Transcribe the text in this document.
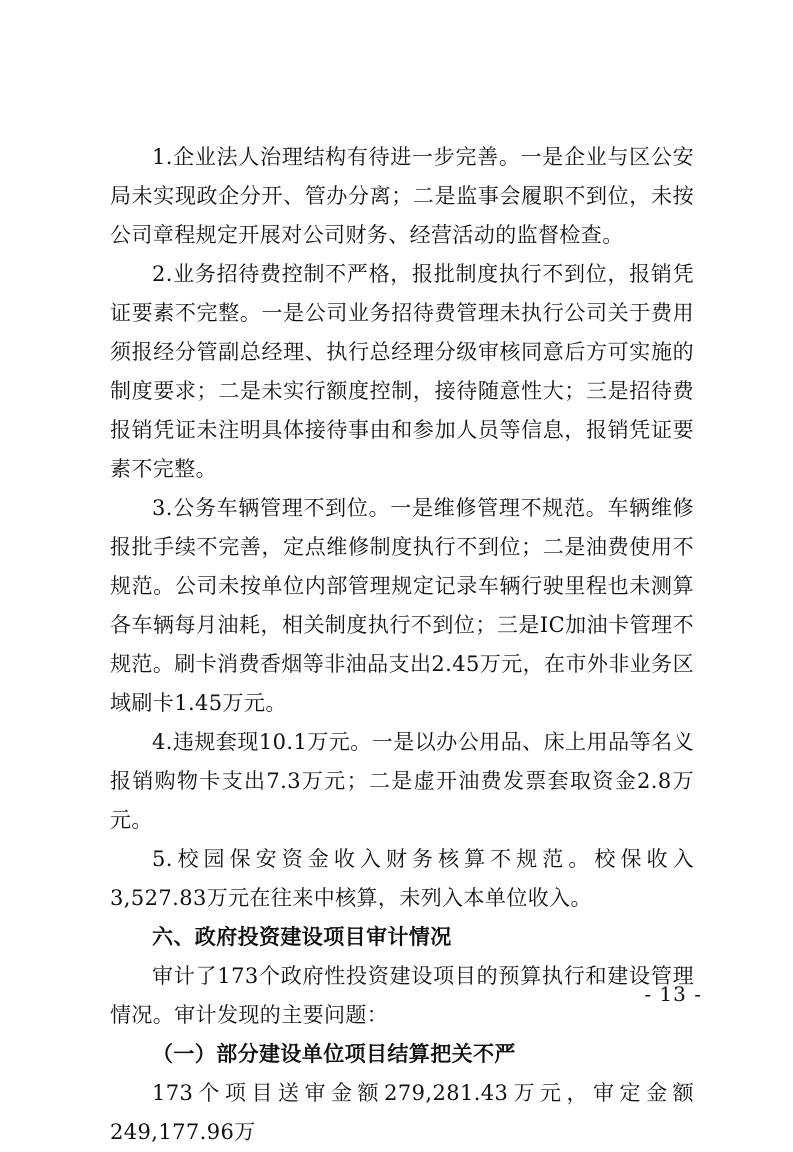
1.企业法人治理结构有待进一步完善。一是企业与区公安局未实现政企分开、管办分离；二是监事会履职不到位，未按公司章程规定开展对公司财务、经营活动的监督检查。

2.业务招待费控制不严格，报批制度执行不到位，报销凭证要素不完整。一是公司业务招待费管理未执行公司关于费用须报经分管副总经理、执行总经理分级审核同意后方可实施的制度要求；二是未实行额度控制，接待随意性大；三是招待费报销凭证未注明具体接待事由和参加人员等信息，报销凭证要素不完整。

3.公务车辆管理不到位。一是维修管理不规范。车辆维修报批手续不完善，定点维修制度执行不到位；二是油费使用不规范。公司未按单位内部管理规定记录车辆行驶里程也未测算各车辆每月油耗，相关制度执行不到位；三是IC加油卡管理不规范。刷卡消费香烟等非油品支出2.45万元，在市外非业务区域刷卡1.45万元。

4.违规套现10.1万元。一是以办公用品、床上用品等名义报销购物卡支出7.3万元；二是虚开油费发票套取资金2.8万元。

5.校园保安资金收入财务核算不规范。校保收入3,527.83万元在往来中核算，未列入本单位收入。

六、政府投资建设项目审计情况

审计了173个政府性投资建设项目的预算执行和建设管理情况。审计发现的主要问题：

（一）部分建设单位项目结算把关不严

173个项目送审金额279,281.43万元，审定金额249,177.96万

- 13 -
